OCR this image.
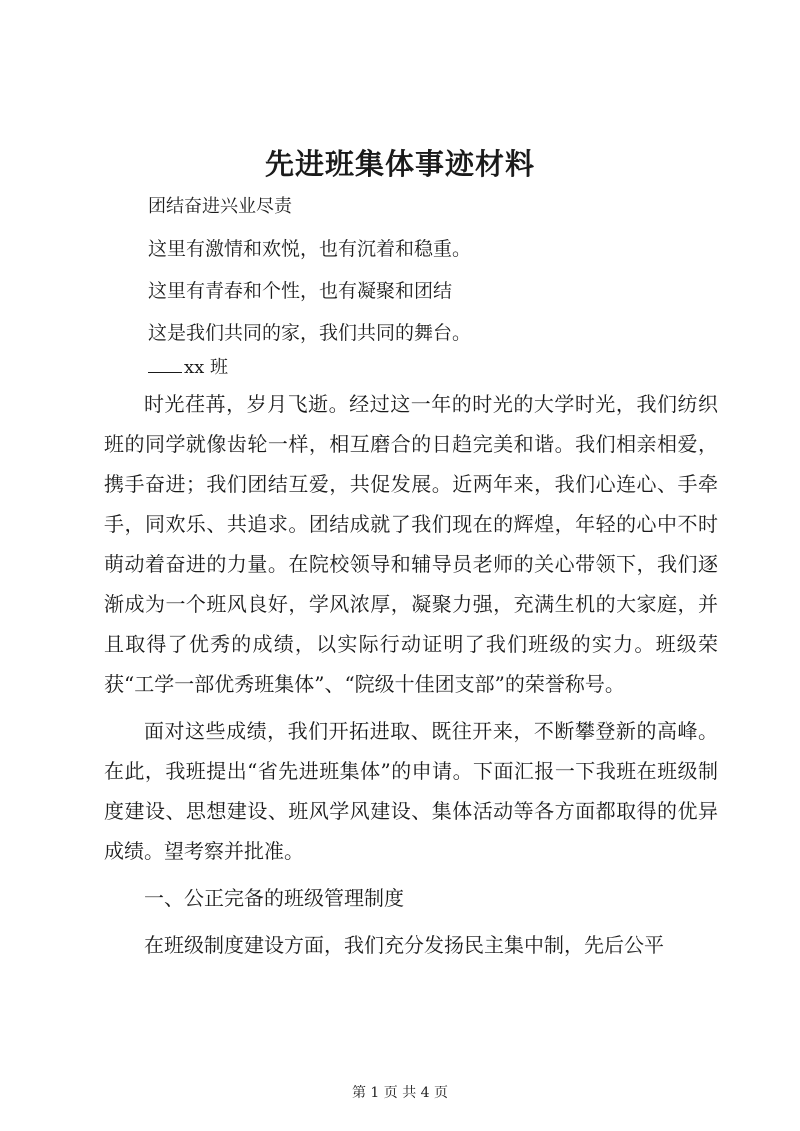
先进班集体事迹材料
团结奋进兴业尽责
这里有激情和欢悦，也有沉着和稳重。
这里有青春和个性，也有凝聚和团结
这是我们共同的家，我们共同的舞台。
xx 班

时光荏苒，岁月飞逝。经过这一年的时光的大学时光，我们纺织班的同学就像齿轮一样，相互磨合的日趋完美和谐。我们相亲相爱，携手奋进；我们团结互爱，共促发展。近两年来，我们心连心、手牵手，同欢乐、共追求。团结成就了我们现在的辉煌，年轻的心中不时萌动着奋进的力量。在院校领导和辅导员老师的关心带领下，我们逐渐成为一个班风良好，学风浓厚，凝聚力强，充满生机的大家庭，并且取得了优秀的成绩，以实际行动证明了我们班级的实力。班级荣获“工学一部优秀班集体”、“院级十佳团支部”的荣誉称号。

面对这些成绩，我们开拓进取、既往开来，不断攀登新的高峰。在此，我班提出“省先进班集体”的申请。下面汇报一下我班在班级制度建设、思想建设、班风学风建设、集体活动等各方面都取得的优异成绩。望考察并批准。

一、公正完备的班级管理制度

在班级制度建设方面，我们充分发扬民主集中制，先后公平

第 1 页 共 4 页
